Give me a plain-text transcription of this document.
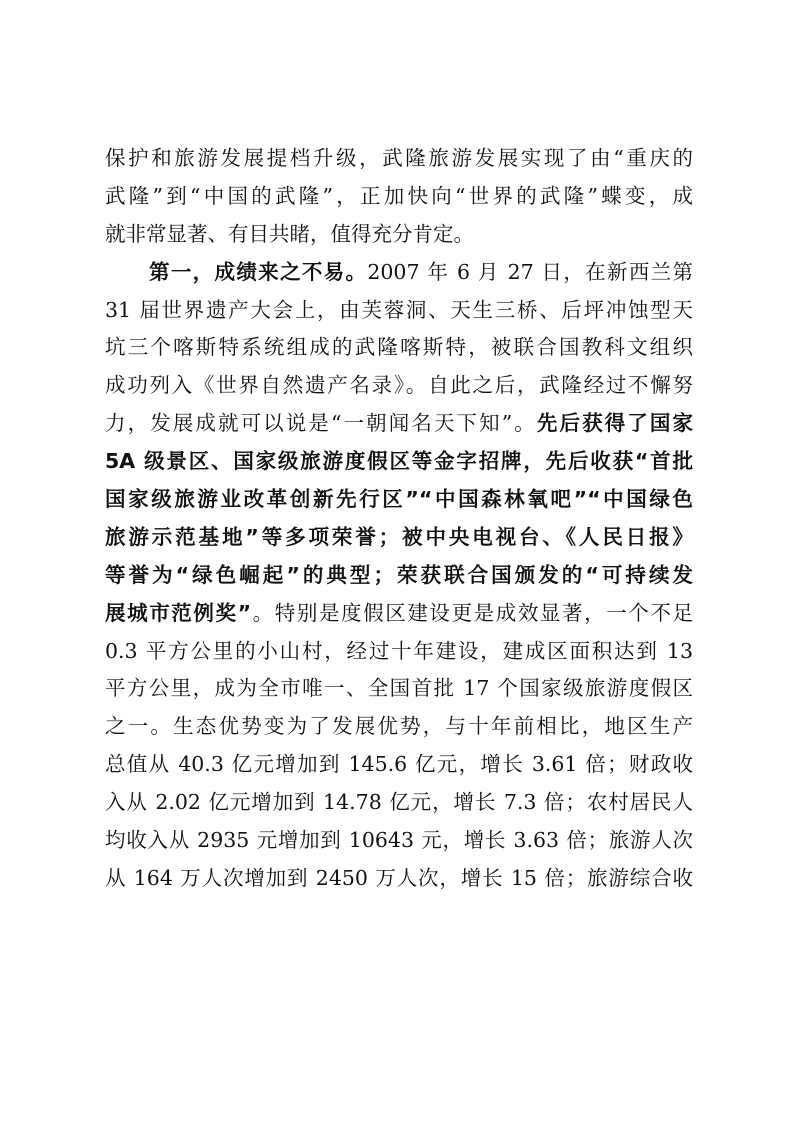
保护和旅游发展提档升级，武隆旅游发展实现了由“重庆的
武隆”到“中国的武隆”，正加快向“世界的武隆”蝶变，成
就非常显著、有目共睹，值得充分肯定。
第一，成绩来之不易。2007 年 6 月 27 日，在新西兰第
31 届世界遗产大会上，由芙蓉洞、天生三桥、后坪冲蚀型天
坑三个喀斯特系统组成的武隆喀斯特，被联合国教科文组织
成功列入《世界自然遗产名录》。自此之后，武隆经过不懈努
力，发展成就可以说是“一朝闻名天下知”。先后获得了国家
5A 级景区、国家级旅游度假区等金字招牌，先后收获“首批
国家级旅游业改革创新先行区”“中国森林氧吧”“中国绿色
旅游示范基地”等多项荣誉；被中央电视台、《人民日报》
等誉为“绿色崛起”的典型；荣获联合国颁发的“可持续发
展城市范例奖”。特别是度假区建设更是成效显著，一个不足
0.3 平方公里的小山村，经过十年建设，建成区面积达到 13
平方公里，成为全市唯一、全国首批 17 个国家级旅游度假区
之一。生态优势变为了发展优势，与十年前相比，地区生产
总值从 40.3 亿元增加到 145.6 亿元，增长 3.61 倍；财政收
入从 2.02 亿元增加到 14.78 亿元，增长 7.3 倍；农村居民人
均收入从 2935 元增加到 10643 元，增长 3.63 倍；旅游人次
从 164 万人次增加到 2450 万人次，增长 15 倍；旅游综合收
